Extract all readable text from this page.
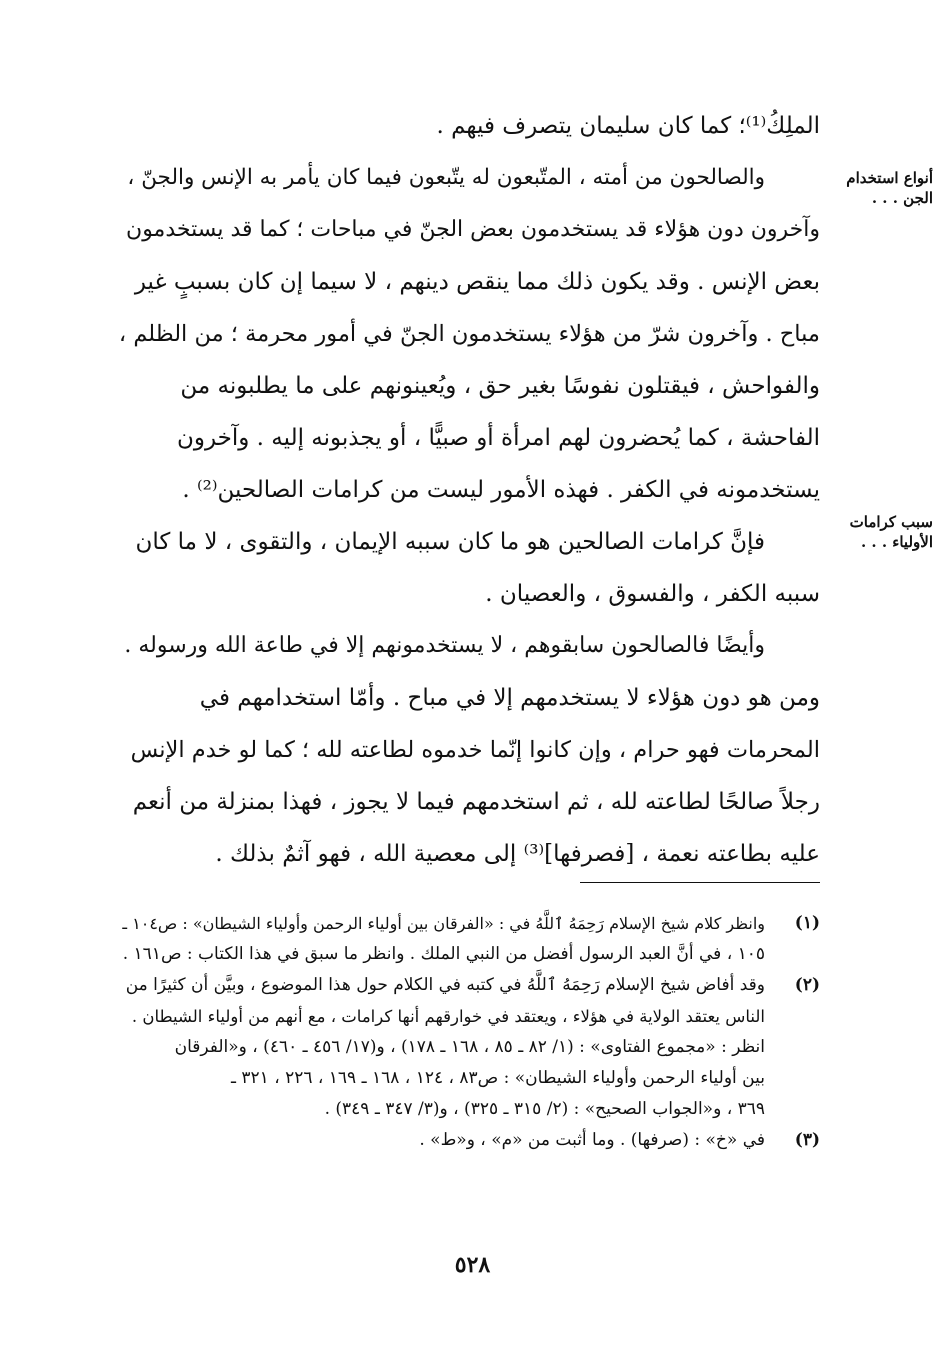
أنواع استخدام
الجن . . .
سبب كرامات
الأولياء . . .
الملِكُ⁽¹⁾؛ كما كان سليمان يتصرف فيهم .
والصالحون من أمته ، المتّبعون له يتّبعون فيما كان يأمر به الإنس والجنّ ،
وآخرون دون هؤلاء قد يستخدمون بعض الجنّ في مباحات ؛ كما قد يستخدمون
بعض الإنس . وقد يكون ذلك مما ينقص دينهم ، لا سيما إن كان بسببٍ غير
مباح . وآخرون شرّ من هؤلاء يستخدمون الجنّ في أمور محرمة ؛ من الظلم ،
والفواحش ، فيقتلون نفوسًا بغير حق ، ويُعينونهم على ما يطلبونه من
الفاحشة ، كما يُحضرون لهم امرأة أو صبيًّا ، أو يجذبونه إليه . وآخرون
يستخدمونه في الكفر . فهذه الأمور ليست من كرامات الصالحين⁽²⁾ .
فإنَّ كرامات الصالحين هو ما كان سببه الإيمان ، والتقوى ، لا ما كان
سببه الكفر ، والفسوق ، والعصيان .
وأيضًا فالصالحون سابقوهم ، لا يستخدمونهم إلا في طاعة الله ورسوله .
ومن هو دون هؤلاء لا يستخدمهم إلا في مباح . وأمّا استخدامهم في
المحرمات فهو حرام ، وإن كانوا إنّما خدموه لطاعته لله ؛ كما لو خدم الإنس
رجلاً صالحًا لطاعته لله ، ثم استخدمهم فيما لا يجوز ، فهذا بمنزلة من أنعم
عليه بطاعته نعمة ، [فصرفها]⁽³⁾ إلى معصية الله ، فهو آثمٌ بذلك .
(١)
وانظر كلام شيخ الإسلام رَحِمَهُ ٱللَّهُ في : «الفرقان بين أولياء الرحمن وأولياء الشيطان» : ص١٠٤ ـ
١٠٥ ، في أنَّ العبد الرسول أفضل من النبي الملك . وانظر ما سبق في هذا الكتاب : ص١٦١ .
(٢)
وقد أفاض شيخ الإسلام رَحِمَهُ ٱللَّهُ في كتبه في الكلام حول هذا الموضوع ، وبيَّن أن كثيرًا من
الناس يعتقد الولاية في هؤلاء ، ويعتقد في خوارقهم أنها كرامات ، مع أنهم من أولياء الشيطان .
انظر : «مجموع الفتاوى» : (١/ ٨٢ ـ ٨٥ ، ١٦٨ ـ ١٧٨) ، و(١٧/ ٤٥٦ ـ ٤٦٠) ، و«الفرقان
بين أولياء الرحمن وأولياء الشيطان» : ص٨٣ ، ١٢٤ ، ١٦٨ ـ ١٦٩ ، ٢٢٦ ، ٣٢١ ـ
٣٦٩ ، و«الجواب الصحيح» : (٢/ ٣١٥ ـ ٣٢٥) ، و(٣/ ٣٤٧ ـ ٣٤٩) .
(٣)
في «خ» : (صرفها) . وما أثبت من «م» ، و«ط» .
٥٢٨
